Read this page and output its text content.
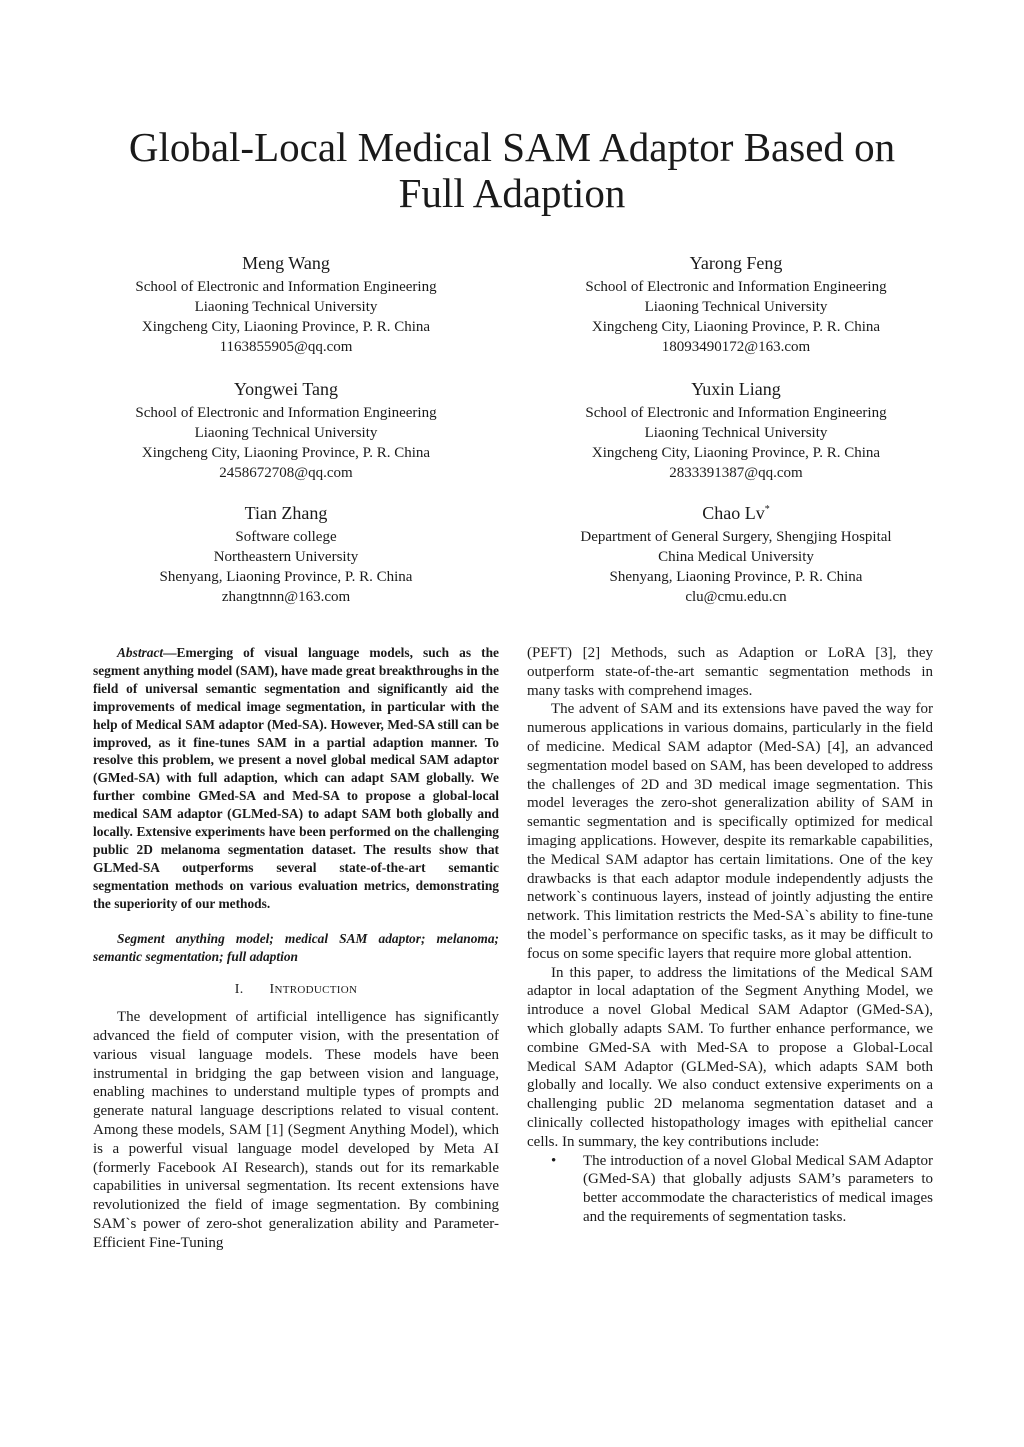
Global-Local Medical SAM Adaptor Based on
Full Adaption
Meng Wang
School of Electronic and Information Engineering
Liaoning Technical University
Xingcheng City, Liaoning Province, P. R. China
1163855905@qq.com
Yarong Feng
School of Electronic and Information Engineering
Liaoning Technical University
Xingcheng City, Liaoning Province, P. R. China
18093490172@163.com
Yongwei Tang
School of Electronic and Information Engineering
Liaoning Technical University
Xingcheng City, Liaoning Province, P. R. China
2458672708@qq.com
Yuxin Liang
School of Electronic and Information Engineering
Liaoning Technical University
Xingcheng City, Liaoning Province, P. R. China
2833391387@qq.com
Tian Zhang
Software college
Northeastern University
Shenyang, Liaoning Province, P. R. China
zhangtnnn@163.com
Chao Lv*
Department of General Surgery, Shengjing Hospital
China Medical University
Shenyang, Liaoning Province, P. R. China
clu@cmu.edu.cn

Abstract—Emerging of visual language models, such as the segment anything model (SAM), have made great breakthroughs in the field of universal semantic segmentation and significantly aid the improvements of medical image segmentation, in particular with the help of Medical SAM adaptor (Med-SA). However, Med-SA still can be improved, as it fine-tunes SAM in a partial adaption manner. To resolve this problem, we present a novel global medical SAM adaptor (GMed-SA) with full adaption, which can adapt SAM globally. We further combine GMed-SA and Med-SA to propose a global-local medical SAM adaptor (GLMed-SA) to adapt SAM both globally and locally. Extensive experiments have been performed on the challenging public 2D melanoma segmentation dataset. The results show that GLMed-SA outperforms several state-of-the-art semantic segmentation methods on various evaluation metrics, demonstrating the superiority of our methods.

Segment anything model; medical SAM adaptor; melanoma; semantic segmentation; full adaption

I. INTRODUCTION

The development of artificial intelligence has significantly advanced the field of computer vision, with the presentation of various visual language models. These models have been instrumental in bridging the gap between vision and language, enabling machines to understand multiple types of prompts and generate natural language descriptions related to visual content. Among these models, SAM [1] (Segment Anything Model), which is a powerful visual language model developed by Meta AI (formerly Facebook AI Research), stands out for its remarkable capabilities in universal segmentation. Its recent extensions have revolutionized the field of image segmentation. By combining SAM`s power of zero-shot generalization ability and Parameter-Efficient Fine-Tuning

(PEFT) [2] Methods, such as Adaption or LoRA [3], they outperform state-of-the-art semantic segmentation methods in many tasks with comprehend images.

The advent of SAM and its extensions have paved the way for numerous applications in various domains, particularly in the field of medicine. Medical SAM adaptor (Med-SA) [4], an advanced segmentation model based on SAM, has been developed to address the challenges of 2D and 3D medical image segmentation. This model leverages the zero-shot generalization ability of SAM in semantic segmentation and is specifically optimized for medical imaging applications. However, despite its remarkable capabilities, the Medical SAM adaptor has certain limitations. One of the key drawbacks is that each adaptor module independently adjusts the network`s continuous layers, instead of jointly adjusting the entire network. This limitation restricts the Med-SA`s ability to fine-tune the model`s performance on specific tasks, as it may be difficult to focus on some specific layers that require more global attention.

In this paper, to address the limitations of the Medical SAM adaptor in local adaptation of the Segment Anything Model, we introduce a novel Global Medical SAM Adaptor (GMed-SA), which globally adapts SAM. To further enhance performance, we combine GMed-SA with Med-SA to propose a Global-Local Medical SAM Adaptor (GLMed-SA), which adapts SAM both globally and locally. We also conduct extensive experiments on a challenging public 2D melanoma segmentation dataset and a clinically collected histopathology images with epithelial cancer cells. In summary, the key contributions include:

• The introduction of a novel Global Medical SAM Adaptor (GMed-SA) that globally adjusts SAM’s parameters to better accommodate the characteristics of medical images and the requirements of segmentation tasks.
